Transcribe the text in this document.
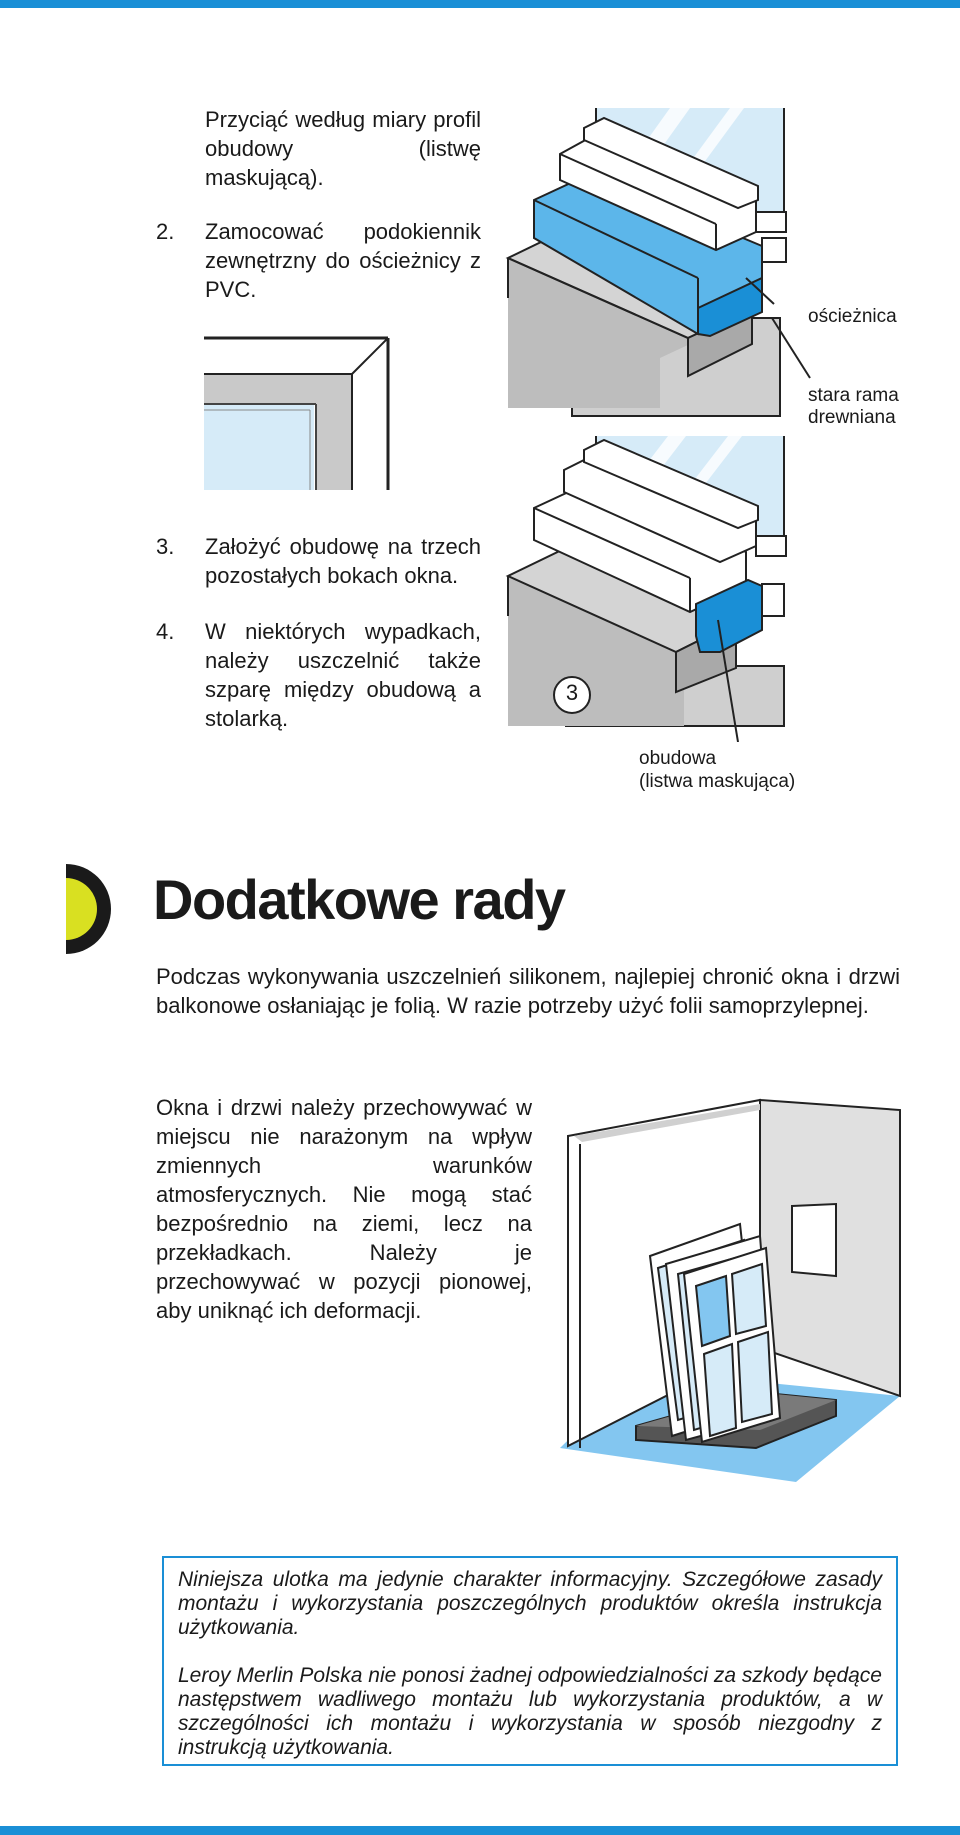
Przyciąć według miary profil obudowy (listwę maskującą).
2. Zamocować podokiennik zewnętrzny do ościeżnicy z PVC.
3. Założyć obudowę na trzech pozostałych bokach okna.
4. W niektórych wypadkach, należy uszczelnić także szparę między obudową a stolarką.
ościeżnica
stara rama
drewniana
3
obudowa
(listwa maskująca)
Dodatkowe rady
Podczas wykonywania uszczelnień silikonem, najlepiej chronić okna i drzwi balkonowe osłaniając je folią. W razie potrzeby użyć folii samoprzylepnej.
Okna i drzwi należy przechowywać w miejscu nie narażonym na wpływ zmiennych warunków atmosferycznych. Nie mogą stać bezpośrednio na ziemi, lecz na przekładkach. Należy je przechowywać w pozycji pionowej, aby uniknąć ich deformacji.

Niniejsza ulotka ma jedynie charakter informacyjny. Szczegółowe zasady montażu i wykorzystania poszczególnych produktów określa instrukcja użytkowania.

Leroy Merlin Polska nie ponosi żadnej odpowiedzialności za szkody będące następstwem wadliwego montażu lub wykorzystania produktów, a w szczególności ich montażu i wykorzystania w sposób niezgodny z instrukcją użytkowania.
